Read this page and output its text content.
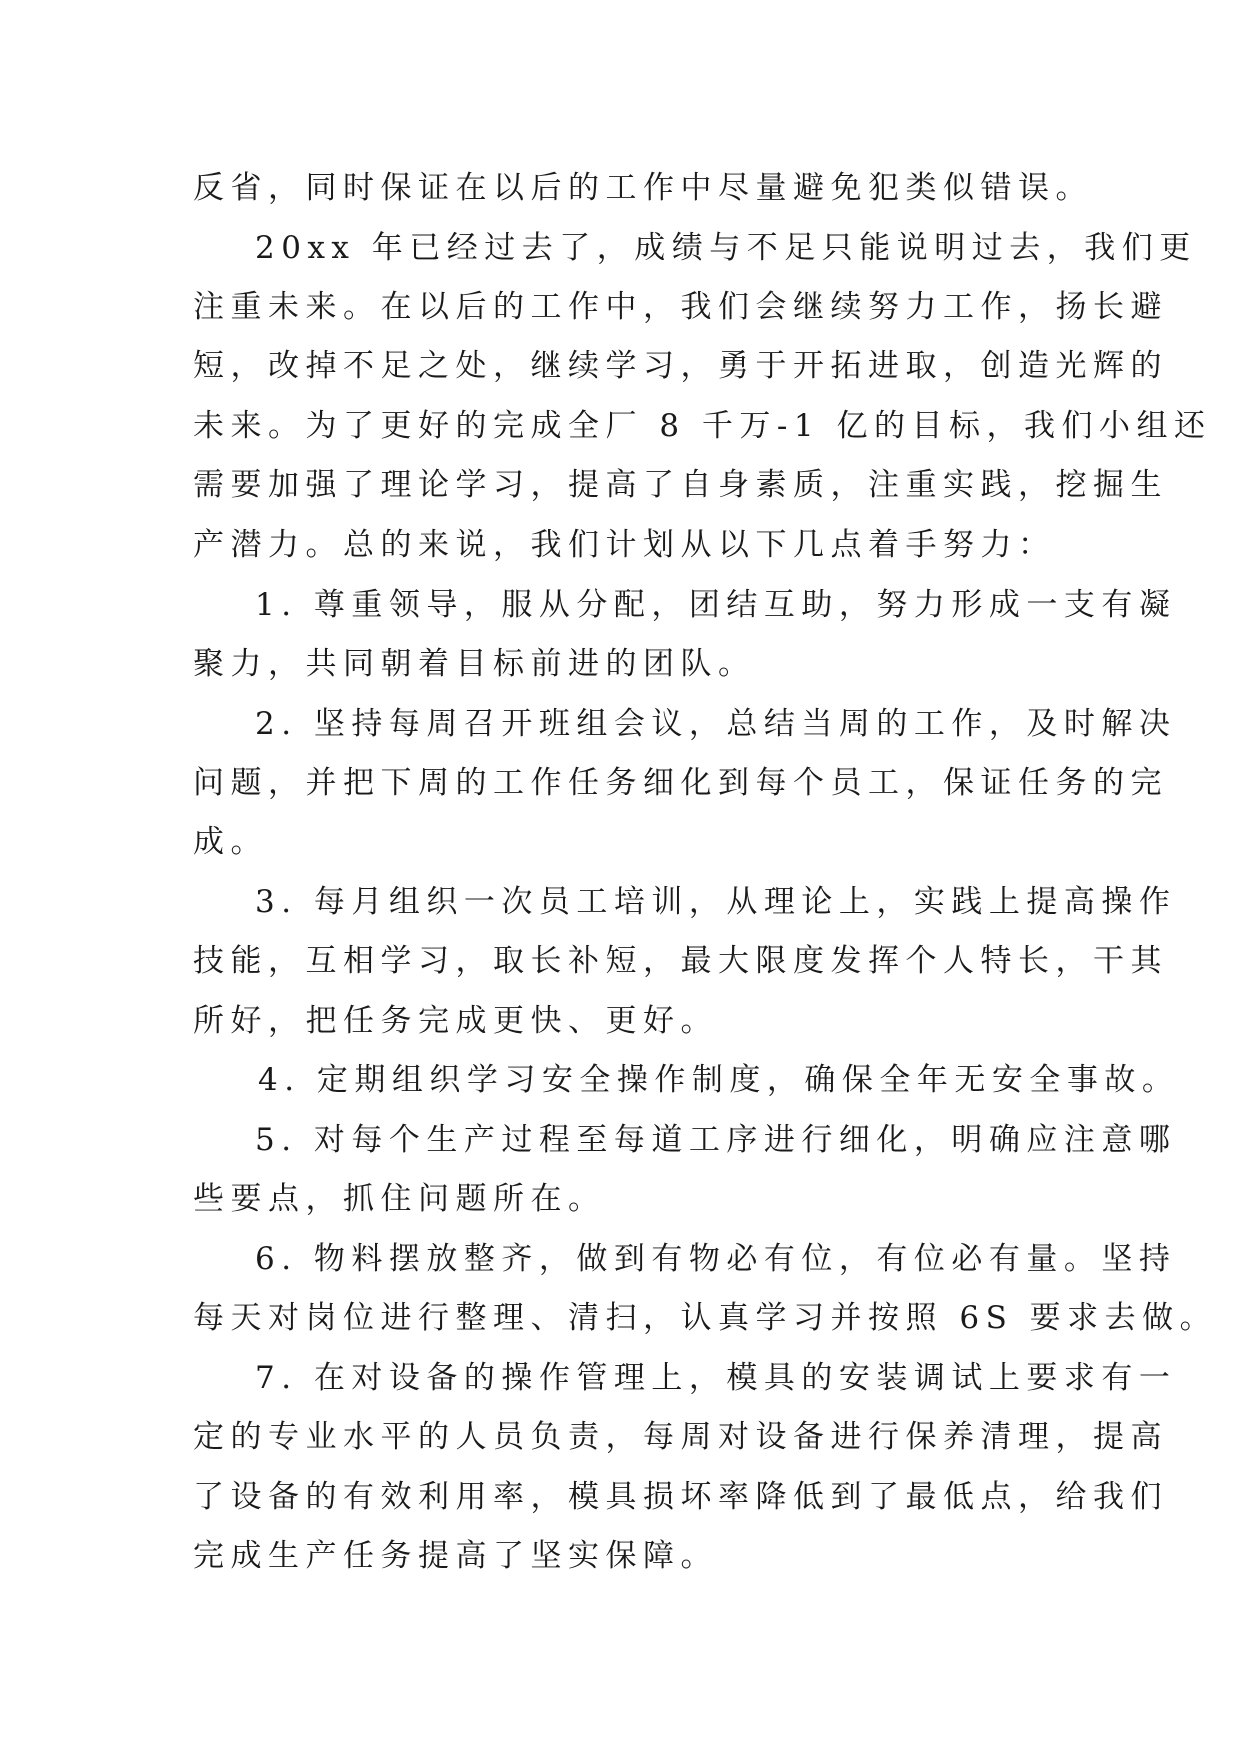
反省，同时保证在以后的工作中尽量避免犯类似错误。
20xx 年已经过去了，成绩与不足只能说明过去，我们更
注重未来。在以后的工作中，我们会继续努力工作，扬长避
短，改掉不足之处，继续学习，勇于开拓进取，创造光辉的
未来。为了更好的完成全厂 8 千万-1 亿的目标，我们小组还
需要加强了理论学习，提高了自身素质，注重实践，挖掘生
产潜力。总的来说，我们计划从以下几点着手努力：
1. 尊重领导，服从分配，团结互助，努力形成一支有凝
聚力，共同朝着目标前进的团队。
2. 坚持每周召开班组会议，总结当周的工作，及时解决
问题，并把下周的工作任务细化到每个员工，保证任务的完
成。
3. 每月组织一次员工培训，从理论上，实践上提高操作
技能，互相学习，取长补短，最大限度发挥个人特长，干其
所好，把任务完成更快、更好。
4. 定期组织学习安全操作制度，确保全年无安全事故。
5. 对每个生产过程至每道工序进行细化，明确应注意哪
些要点，抓住问题所在。
6. 物料摆放整齐，做到有物必有位，有位必有量。坚持
每天对岗位进行整理、清扫，认真学习并按照 6S 要求去做。
7. 在对设备的操作管理上，模具的安装调试上要求有一
定的专业水平的人员负责，每周对设备进行保养清理，提高
了设备的有效利用率，模具损坏率降低到了最低点，给我们
完成生产任务提高了坚实保障。
